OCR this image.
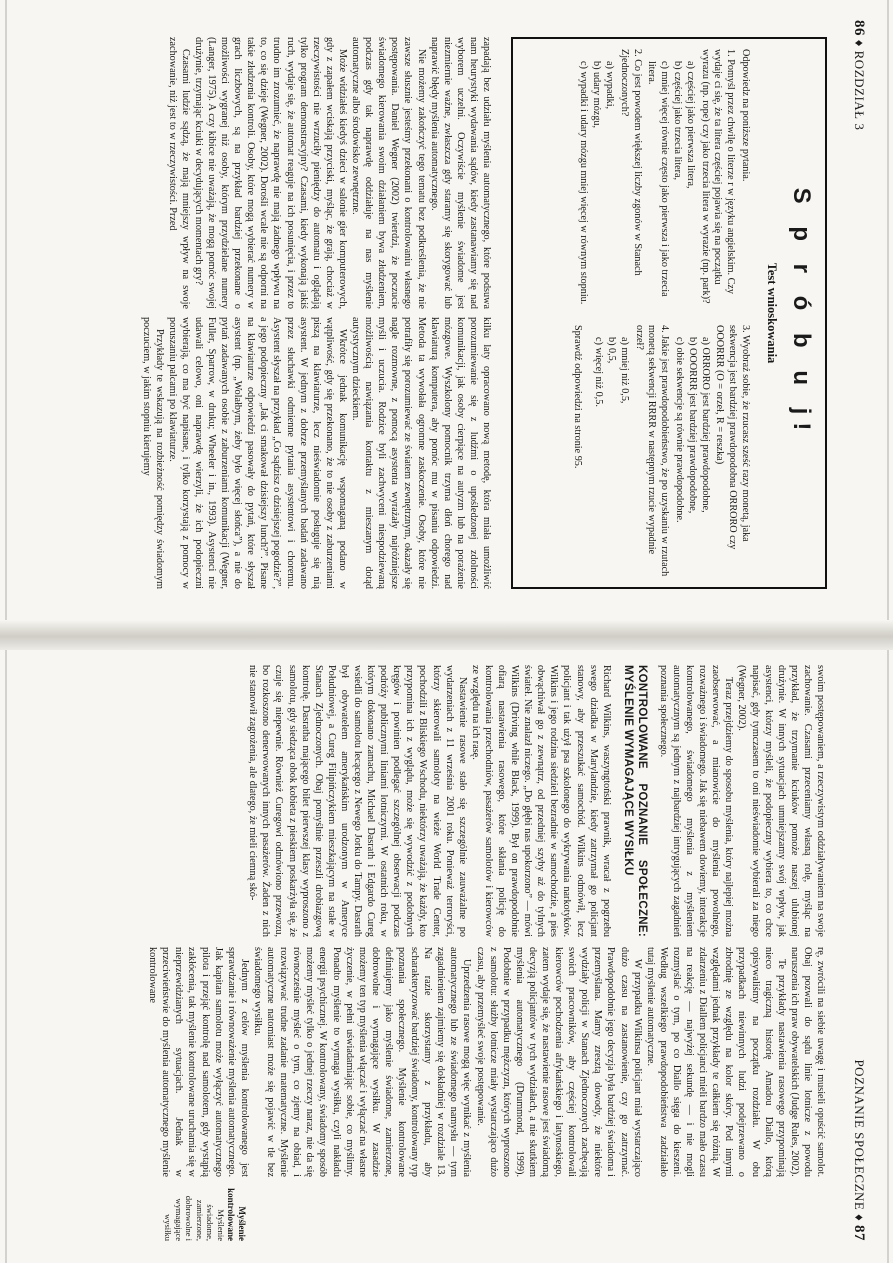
86 ♦ ROZDZIAŁ 3
S p r ó b u j!
Test wnioskowania
Odpowiedz na poniższe pytania.
1. Pomyśl przez chwilę o literze r w języku angielskim. Czy wydaje ci się, że ta litera częściej pojawia się na początku wyrazu (np. rope) czy jako trzecia litera w wyrazie (np. park)?
a) częściej jako pierwsza litera,
b) częściej jako trzecia litera,
c) mniej więcej równie często jako pierwsza i jako trzecia litera.
2. Co jest powodem większej liczby zgonów w Stanach Zjednoczonych?
a) wypadki,
b) udary mózgu,
c) wypadki i udary mózgu mniej więcej w równym stopniu.
3. Wyobraź sobie, że rzucasz sześć razy monetą, jaka sekwencja jest bardziej prawdopodobna ORRORO czy OOORRR (O = orzeł, R = reszka)
a) ORRORO jest bardziej prawdopodobne,
b) OOORRR jest bardziej prawdopodobne,
c) obie sekwencje są równie prawdopodobne.
4. Jakie jest prawdopodobieństwo, że po uzyskaniu w rzutach monetą sekwencji RRRR w następnym rzucie wypadnie orzeł?
a) mniej niż 0,5,
b) 0,5,
c) więcej niż 0,5.
Sprawdź odpowiedzi na stronie 95.

zapadają bez udziału myślenia automatycznego, które podsuwa nam heurystyki wydawania sądów, kiedy zastanawiamy się nad wyborem uczelni. Oczywiście myślenie świadome jest niezmiernie ważne, zwłaszcza gdy staramy się skorygować lub naprawić błędy myślenia automatycznego.

Nie możemy zakończyć tego tematu bez podkreślenia, że nie zawsze słusznie jesteśmy przekonani o kontrolowaniu własnego postępowania. Daniel Wegner (2002) twierdzi, że poczucie świadomego kierowania swoim działaniem bywa złudzeniem, podczas gdy tak naprawdę oddziałuje na nas myślenie automatyczne albo środowisko zewnętrzne.

Może widziałeś kiedyś dzieci w salonie gier komputerowych, gdy z zapałem wciskają przyciski, myśląc, że grają, chociaż w rzeczywistości nie wrzuciły pieniędzy do automatu i oglądają tylko program demonstracyjny? Czasami, kiedy wykonają jakiś ruch, wydaje się, że automat reaguje na ich posunięcia, i przez to trudno im zrozumieć, że naprawdę nie mają żadnego wpływu na to, co się dzieje (Wegner, 2002). Dorośli wcale nie są odporni na takie złudzenia kontroli. Osoby, które mogą wybierać numery w grach liczbowych, są na przykład bardziej przekonane o możliwości wygranej niż osoby, którym przydzielane numery (Langer, 1975). A czy kibice nie uważają, że mogą pomóc swojej drużynie, trzymając kciuki w decydujących momentach gry?

Czasami ludzie sądzą, że mają mniejszy wpływ na swoje zachowanie, niż jest to w rzeczywistości. Przed

kilku laty opracowano nową metodę, która miała umożliwić porozumiewanie się z ludźmi o upośledzonej zdolności komunikacji, jak osoby cierpiące na autyzm lub na porażenie mózgowe. Wyszkolony pomocnik trzyma dłoń chorego nad klawiaturą komputera, aby pomóc mu w pisaniu odpowiedzi. Metoda ta wywołała ogromne zaskoczenie. Osoby, które nie potrafiły się porozumiewać ze światem zewnętrznym, okazały się nagle rozmowne, z pomocą asystenta wyrażały najróżniejsze myśli i uczucia. Rodzice byli zachwyceni niespodziewaną możliwością nawiązania kontaktu z mieszanym dotąd autystycznym dzieckiem.

Wkrótce jednak komunikację wspomaganą podano w wątpliwość, gdy się przekonano, że to nie osoby z zaburzeniami piszą na klawiaturze, lecz nieświadomie posługuje się nią asystent. W jednym z dobrze przemyślanych badań zadawano przez słuchawki odmienne pytania asystentowi i choremu. Asystent słyszał na przykład „Co sądzisz o dzisiejszej pogodzie?”, a jego podopieczny „Jak ci smakował dzisiejszy lunch?”. Pisane na klawiaturze odpowiedzi pasowały do pytań, które słyszał asystent (np. „Wolałbym, żeby było więcej słońca”), a nie do pytań zadawanych osobie z zaburzeniami komunikacji (Wegner, Fuller, Sparrow, w druku; Wheeler i in., 1993). Asystenci nie udawali celowo, oni naprawdę wierzyli, że ich podopieczni wybierają, co ma być napisane, i tylko korzystają z pomocy w poruszaniu palcami po klawiaturze.

Przykłady te wskazują na rozbieżność pomiędzy świadomym poczuciem, w jakim stopniu kierujemy

POZNANIE SPOŁECZNE ♦ 87

swoim postępowaniem, a rzeczywistym oddziaływaniem na swoje zachowanie. Czasami przeceniamy własną rolę, myśląc na przykład, że trzymanie kciuków pomoże naszej ulubionej drużynie. W innych sytuacjach umniejszamy swój wpływ, jak asystenci, którzy myśleli, że podopieczny wybiera to, co chce napisać, gdy tymczasem to oni nieświadomie wybierali za niego (Wegner, 2002).

Teraz przejdziemy do sposobu myślenia, który najlepiej można zaobserwować, a mianowicie do myślenia powolnego, rozważnego i świadomego. Jak się niebawem dowiemy, interakcje kontrolowanego, świadomego myślenia z myśleniem automatycznym są jednym z najbardziej intrygujących zagadnień poznania społecznego.

KONTROLOWANE POZNANIE SPOŁECZNE: MYŚLENIE WYMAGAJĄCE WYSIŁKU

Richard Wilkins, waszyngtoński prawnik, wracał z pogrzebu swego dziadka w Marylandzie, kiedy zatrzymał go policjant stanowy, aby przeszukać samochód. Wilkins odmówił, lecz policjant i tak użył psa szkolonego do wykrywania narkotyków. Wilkins i jego rodzina siedzieli bezradnie w samochodzie, a pies obwąchiwał go z zewnątrz, od przedniej szyby aż do tylnych świateł. Nie znalazł niczego. „Do głębi nas upokorzono” — mówi Wilkins (Driving while Black, 1999). Był on prawdopodobnie ofiarą nastawienia rasowego, które skłania policję do kontrolowania przechodniów, pasażerów samolotów i kierowców ze względu na ich rasę.

Nastawienie rasowe stało się szczególnie zauważalne po wydarzeniach z 11 września 2001 roku. Ponieważ terroryści, którzy skierowali samoloty na wieże World Trade Center, pochodzili z Bliskiego Wschodu, niektórzy uważają, że każdy, kto przypomina ich z wyglądu, może się wywodzić z podobnych kręgów i powinien podlegać szczególnej obserwacji podczas podróży publicznymi liniami lotniczymi. W ostatnich roku, w którym dokonano zamachu, Michael Dasrath i Edgardo Cureg wsiedli do samolotu lecącego z Newego Jorku do Tampy. Dasrath był obywatelem amerykańskim urodzonym w Ameryce Południowej, a Cureg Filipińczykiem mieszkającym na stałe w Stanach Zjednoczonych. Obaj pomyślnie przeszli drobiazgową kontrolę. Dasratha mającego bilet pierwszej klasy wyproszono z samolotu, gdy siedząca obok kobieta z pieskiem poskarżyła się, że czuje się niepewnie. Również Curegowi odmówiono przewozu, bo rozkoszono denerwowanych innych pasażerów. Żaden z nich nie stanowił zagrożenia, ale dlatego, że mieli ciemną skó-

rę, zwrócili na siebie uwagę i musieli opuścić samolot. Obaj pozwali do sądu linie lotnicze z powodu naruszenia ich praw obywatelskich (Judge Rules, 2002).

Te przykłady nastawienia rasowego przypominają nieco tragiczną historię Amadou Diallo, którą opisywaliśmy na początku rozdziału. W obu przypadkach niewinnych ludzi podejrzewano o zbrodnię ze względu na kolor skóry. Pod innymi względami jednak przykłady te całkiem się różnią. W zdarzeniu z Diallem policjanci mieli bardzo mało czasu na reakcję — najwyżej sekundę — i nie mogli rozmyślać o tym, po co Diallo sięga do kieszeni. Według wszelkiego prawdopodobieństwa zadziałało tutaj myślenie automatyczne.

W przypadku Wilkinsa policjant miał wystarczająco dużo czasu na zastanowienie, czy go zatrzymać. Prawdopodobnie jego decyzja była bardziej świadoma i przemyślana. Mamy zresztą dowody, że niektóre wydziały policji w Stanach Zjednoczonych zachęcają swoich pracowników, aby częściej kontrolowali kierowców pochodzenia afrykańskiego i latynoskiego, zatem wydaje się, że nastawienie rasowe jest świadomą decyzją policjantów w tych wydziałach, a nie skutkiem myślenia automatycznego (Drummond, 1999). Podobnie w przypadku mężczyzn, których wyproszono z samolotu: służby lotnicze miały wystarczająco dużo czasu, aby przemyśleć swoje postępowanie.

Uprzedzenia rasowe mogą więc wynikać z myślenia automatycznego lub ze świadomego namysłu — tym zagadnieniem zajmiemy się dokładniej w rozdziale 13. Na razie skorzystamy z przykładu, aby scharakteryzować bardziej świadomy, kontrolowany typ poznania społecznego. Myślenie kontrolowane definiujemy jako myślenie świadome, zamierzone, dobrowolne i wymagające wysiłku. W zasadzie możemy ten typ myślenia włączać i wyłączać na własne życzenie, w pełni uświadamiając sobie, co myślimy. Ponadto myślenie to wymaga wysiłku, czyli nakładu energii psychicznej. W kontrolowany, świadomy sposób możemy myśleć tylko o jednej rzeczy naraz, nie da się równocześnie myśleć o tym, co zjemy na obiad, i rozwiązywać trudne zadanie matematyczne. Myślenie automatyczne natomiast może się pojawić w tle bez świadomego wysiłku.

Jednym z celów myślenia kontrolowanego jest sprawdzanie i równoważenie myślenia automatycznego. Jak kapitan samolotu może wyłączyć automatycznego pilota i przejąć kontrolę nad samolotem, gdy wystąpią zakłócenia, tak myślenie kontrolowane uruchamia się w nieprzewidzianych sytuacjach. Jednak w przeciwieństwie do myślenia automatycznego myślenie kontrolowane

Myślenie kontrolowane
Myślenie świadome, zamierzone, dobrowolne i wymagające wysiłku
